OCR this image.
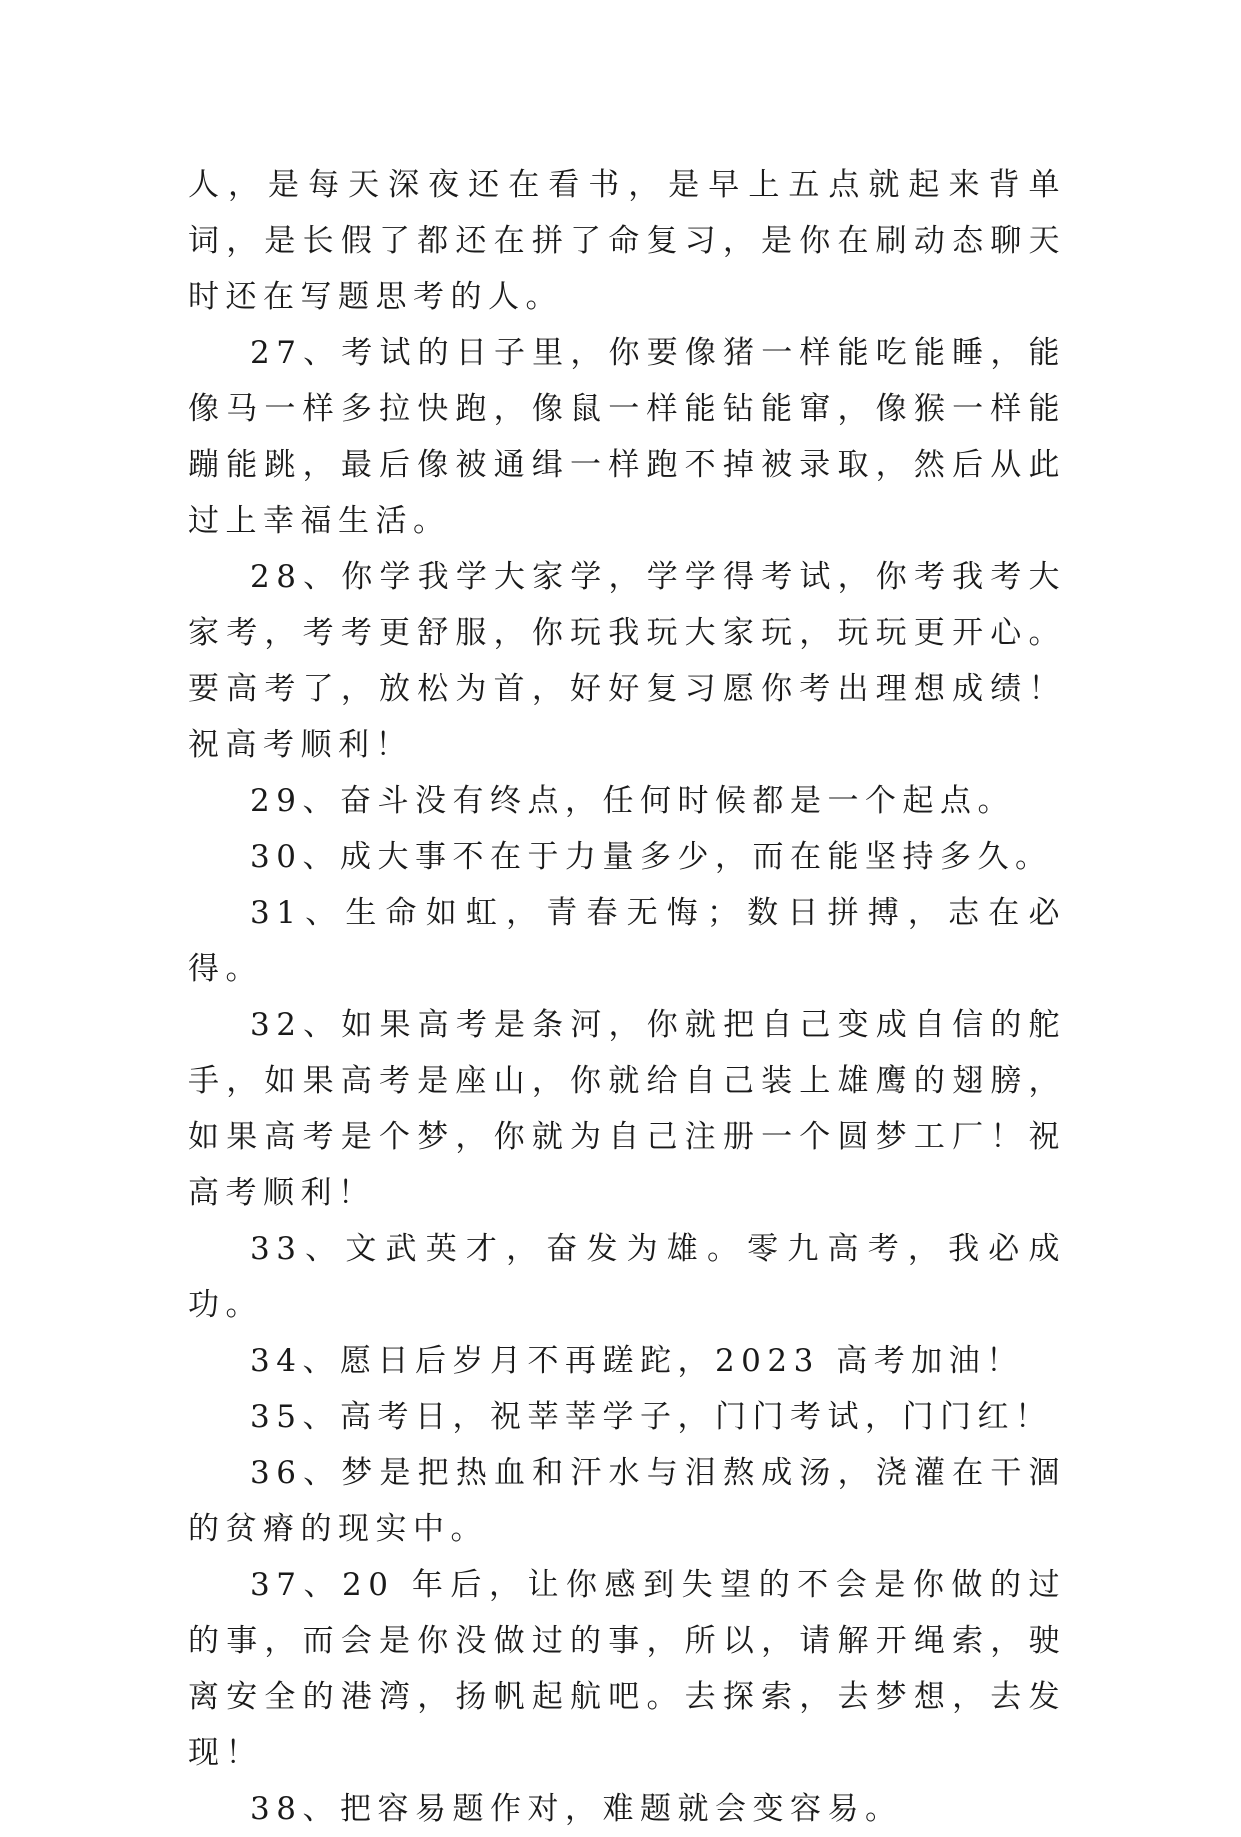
人，是每天深夜还在看书，是早上五点就起来背单词，是长假了都还在拼了命复习，是你在刷动态聊天时还在写题思考的人。

27、考试的日子里，你要像猪一样能吃能睡，能像马一样多拉快跑，像鼠一样能钻能窜，像猴一样能蹦能跳，最后像被通缉一样跑不掉被录取，然后从此过上幸福生活。

28、你学我学大家学，学学得考试，你考我考大家考，考考更舒服，你玩我玩大家玩，玩玩更开心。要高考了，放松为首，好好复习愿你考出理想成绩！祝高考顺利！

29、奋斗没有终点，任何时候都是一个起点。

30、成大事不在于力量多少，而在能坚持多久。

31、生命如虹，青春无悔；数日拼搏，志在必得。

32、如果高考是条河，你就把自己变成自信的舵手，如果高考是座山，你就给自己装上雄鹰的翅膀，如果高考是个梦，你就为自己注册一个圆梦工厂！祝高考顺利！

33、文武英才，奋发为雄。零九高考，我必成功。

34、愿日后岁月不再蹉跎，2023 高考加油！

35、高考日，祝莘莘学子，门门考试，门门红！

36、梦是把热血和汗水与泪熬成汤，浇灌在干涸的贫瘠的现实中。

37、20 年后，让你感到失望的不会是你做的过的事，而会是你没做过的事，所以，请解开绳索，驶离安全的港湾，扬帆起航吧。去探索，去梦想，去发现！

38、把容易题作对，难题就会变容易。
